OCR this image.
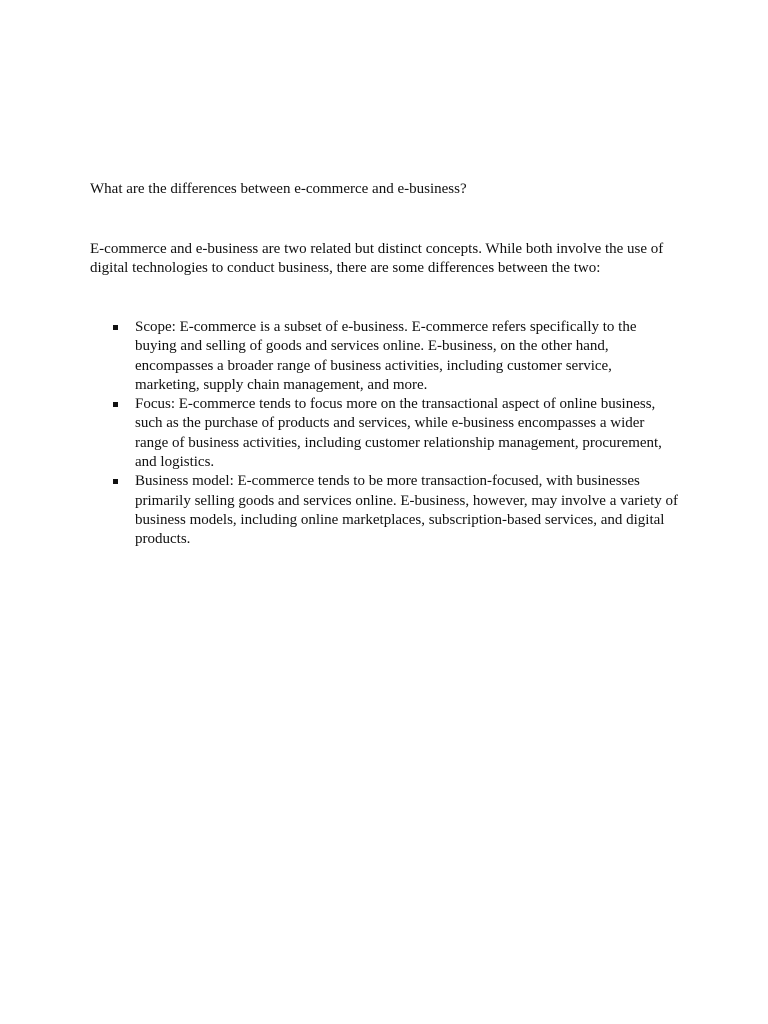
What are the differences between e-commerce and e-business?

E-commerce and e-business are two related but distinct concepts. While both involve the use of digital technologies to conduct business, there are some differences between the two:

Scope: E-commerce is a subset of e-business. E-commerce refers specifically to the buying and selling of goods and services online. E-business, on the other hand, encompasses a broader range of business activities, including customer service, marketing, supply chain management, and more.
Focus: E-commerce tends to focus more on the transactional aspect of online business, such as the purchase of products and services, while e-business encompasses a wider range of business activities, including customer relationship management, procurement, and logistics.
Business model: E-commerce tends to be more transaction-focused, with businesses primarily selling goods and services online. E-business, however, may involve a variety of business models, including online marketplaces, subscription-based services, and digital products.
